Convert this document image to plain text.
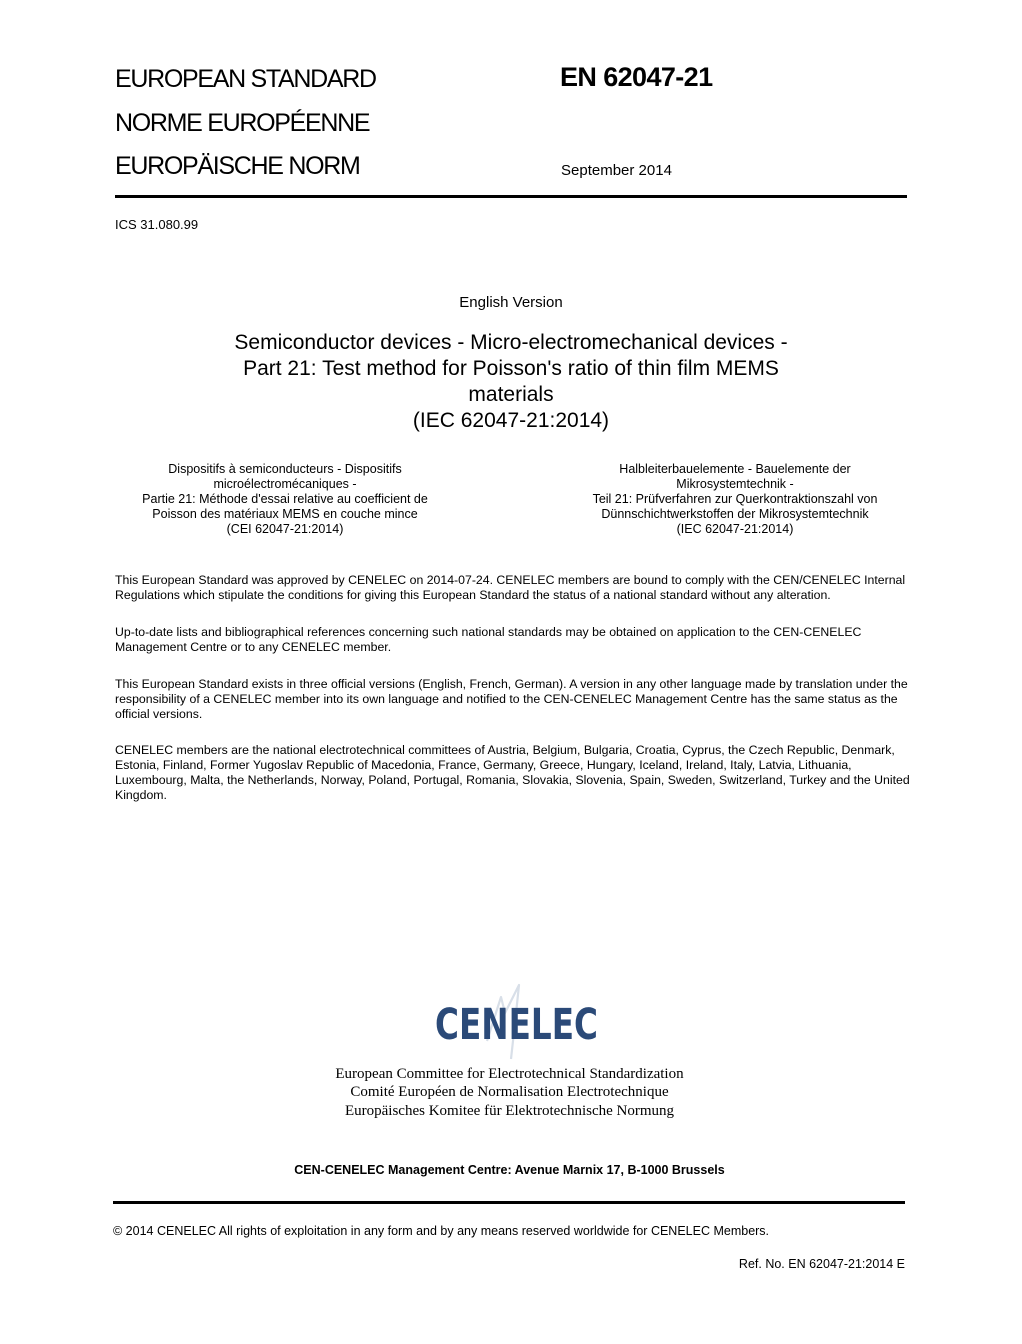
EUROPEAN STANDARD
NORME EUROPÉENNE
EUROPÄISCHE NORM
EN 62047-21
September 2014
ICS 31.080.99
English Version
Semiconductor devices - Micro-electromechanical devices -
Part 21: Test method for Poisson's ratio of thin film MEMS
materials
(IEC 62047-21:2014)
Dispositifs à semiconducteurs - Dispositifs
microélectromécaniques -
Partie 21: Méthode d'essai relative au coefficient de
Poisson des matériaux MEMS en couche mince
(CEI 62047-21:2014)
Halbleiterbauelemente - Bauelemente der
Mikrosystemtechnik -
Teil 21: Prüfverfahren zur Querkontraktionszahl von
Dünnschichtwerkstoffen der Mikrosystemtechnik
(IEC 62047-21:2014)
This European Standard was approved by CENELEC on 2014-07-24. CENELEC members are bound to comply with the CEN/CENELEC Internal Regulations which stipulate the conditions for giving this European Standard the status of a national standard without any alteration.
Up-to-date lists and bibliographical references concerning such national standards may be obtained on application to the CEN-CENELEC Management Centre or to any CENELEC member.
This European Standard exists in three official versions (English, French, German). A version in any other language made by translation under the responsibility of a CENELEC member into its own language and notified to the CEN-CENELEC Management Centre has the same status as the official versions.
CENELEC members are the national electrotechnical committees of Austria, Belgium, Bulgaria, Croatia, Cyprus, the Czech Republic, Denmark, Estonia, Finland, Former Yugoslav Republic of Macedonia, France, Germany, Greece, Hungary, Iceland, Ireland, Italy, Latvia, Lithuania, Luxembourg, Malta, the Netherlands, Norway, Poland, Portugal, Romania, Slovakia, Slovenia, Spain, Sweden, Switzerland, Turkey and the United Kingdom.
CENELEC
European Committee for Electrotechnical Standardization
Comité Européen de Normalisation Electrotechnique
Europäisches Komitee für Elektrotechnische Normung
CEN-CENELEC Management Centre: Avenue Marnix 17, B-1000 Brussels
© 2014 CENELEC All rights of exploitation in any form and by any means reserved worldwide for CENELEC Members.
Ref. No. EN 62047-21:2014 E
